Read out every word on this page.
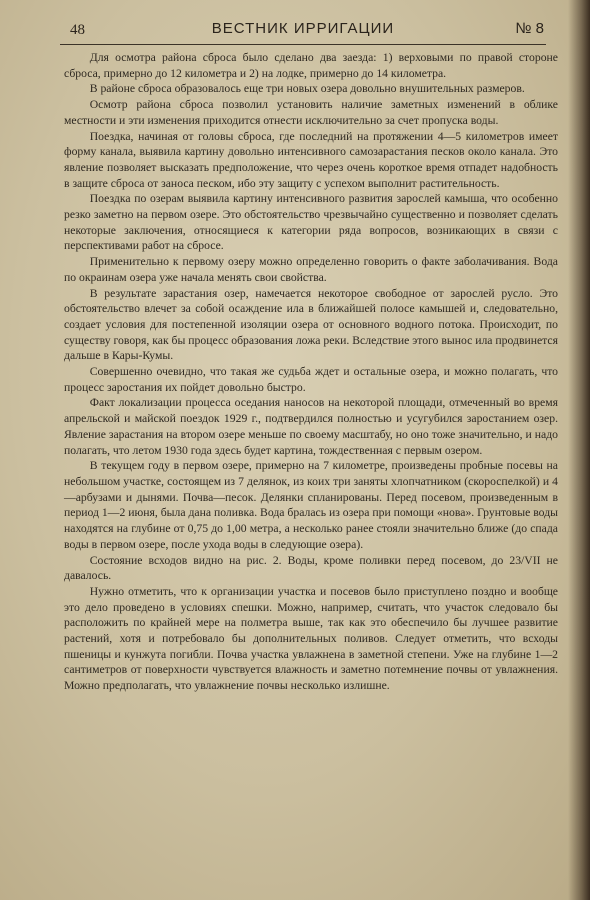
48	ВЕСТНИК ИРРИГАЦИИ	№ 8

Для осмотра района сброса было сделано два заезда: 1) верховыми по правой стороне сброса, примерно до 12 километра и 2) на лодке, примерно до 14 километра.

В районе сброса образовалось еще три новых озера довольно внушительных размеров.

Осмотр района сброса позволил установить наличие заметных изменений в облике местности и эти изменения приходится отнести исключительно за счет пропуска воды.

Поездка, начиная от головы сброса, где последний на протяжении 4—5 километров имеет форму канала, выявила картину довольно интенсивного самозарастания песков около канала. Это явление позволяет высказать предположение, что через очень короткое время отпадет надобность в защите сброса от заноса песком, ибо эту защиту с успехом выполнит растительность.

Поездка по озерам выявила картину интенсивного развития зарослей камыша, что особенно резко заметно на первом озере. Это обстоятельство чрезвычайно существенно и позволяет сделать некоторые заключения, относящиеся к категории ряда вопросов, возникающих в связи с перспективами работ на сбросе.

Применительно к первому озеру можно определенно говорить о факте заболачивания. Вода по окраинам озера уже начала менять свои свойства.

В результате зарастания озер, намечается некоторое свободное от зарослей русло. Это обстоятельство влечет за собой осаждение ила в ближайшей полосе камышей и, следовательно, создает условия для постепенной изоляции озера от основного водного потока. Происходит, по существу говоря, как бы процесс образования ложа реки. Вследствие этого вынос ила продвинется дальше в Кары-Кумы.

Совершенно очевидно, что такая же судьба ждет и остальные озера, и можно полагать, что процесс заростания их пойдет довольно быстро.

Факт локализации процесса оседания наносов на некоторой площади, отмеченный во время апрельской и майской поездок 1929 г., подтвердился полностью и усугубился заростанием озер. Явление зарастания на втором озере меньше по своему масштабу, но оно тоже значительно, и надо полагать, что летом 1930 года здесь будет картина, тождественная с первым озером.

В текущем году в первом озере, примерно на 7 километре, произведены пробные посевы на небольшом участке, состоящем из 7 делянок, из коих три заняты хлопчатником (скороспелкой) и 4—арбузами и дынями. Почва—песок. Делянки спланированы. Перед посевом, произведенным в период 1—2 июня, была дана поливка. Вода бралась из озера при помощи «нова». Грунтовые воды находятся на глубине от 0,75 до 1,00 метра, а несколько ранее стояли значительно ближе (до спада воды в первом озере, после ухода воды в следующие озера).

Состояние всходов видно на рис. 2. Воды, кроме поливки перед посевом, до 23/VII не давалось.

Нужно отметить, что к организации участка и посевов было приступлено поздно и вообще это дело проведено в условиях спешки. Можно, например, считать, что участок следовало бы расположить по крайней мере на полметра выше, так как это обеспечило бы лучшее развитие растений, хотя и потребовало бы дополнительных поливов. Следует отметить, что всходы пшеницы и кунжута погибли. Почва участка увлажнена в заметной степени. Уже на глубине 1—2 сантиметров от поверхности чувствуется влажность и заметно потемнение почвы от увлажнения. Можно предполагать, что увлажнение почвы несколько излишне.
